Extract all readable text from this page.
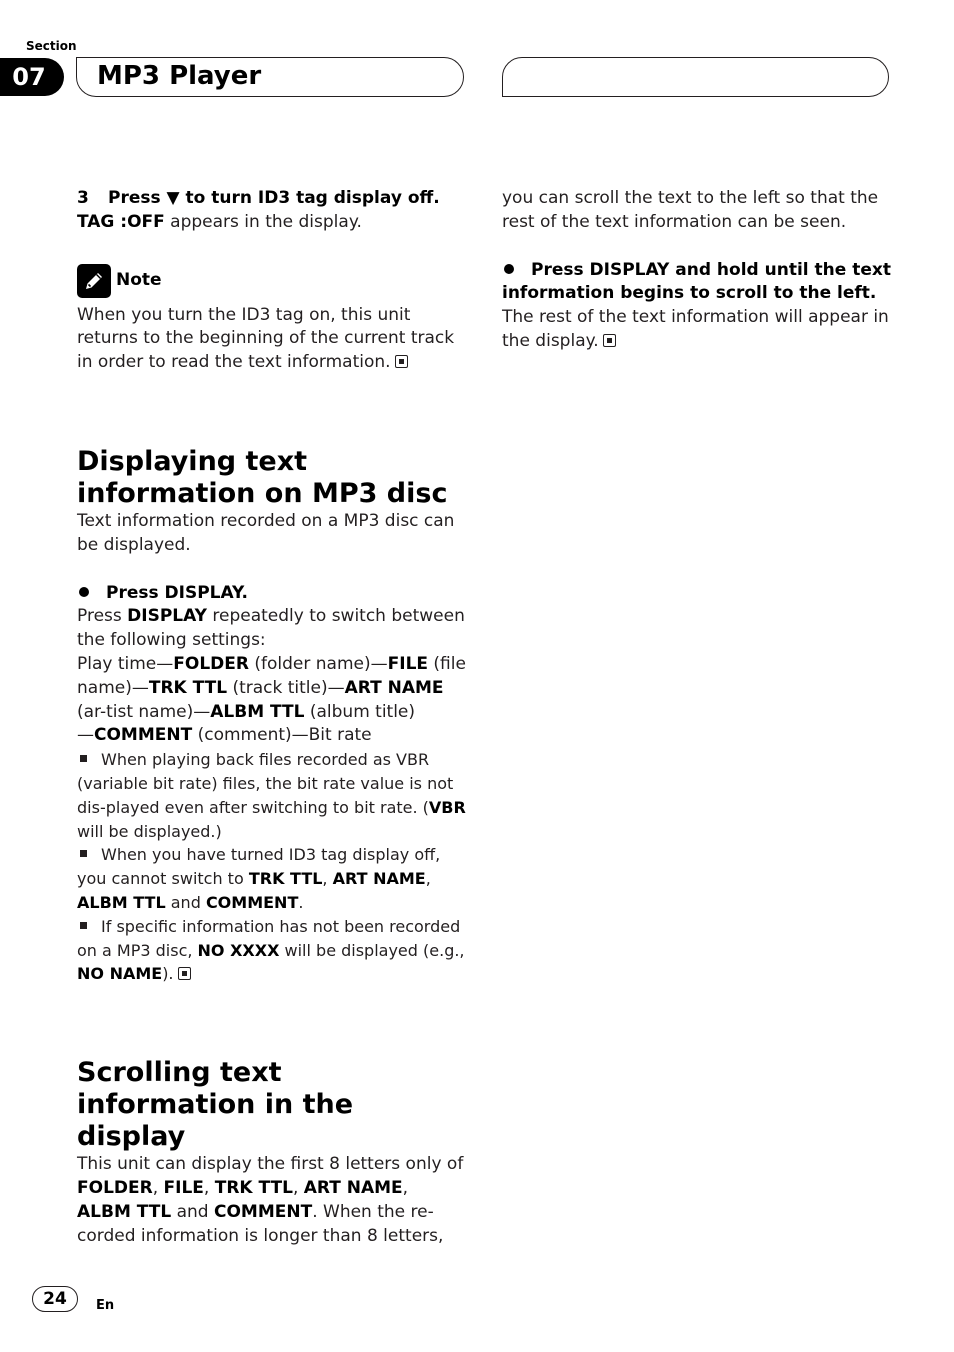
Section
07	MP3 Player

3 Press ▼ to turn ID3 tag display off.

TAG :OFF appears in the display.

Note

When you turn the ID3 tag on, this unit returns to the beginning of the current track in order to read the text information.

Displaying text information on MP3 disc

Text information recorded on a MP3 disc can be displayed.

Press DISPLAY.

Press DISPLAY repeatedly to switch between the following settings:

Play time—FOLDER (folder name)—FILE (file name)—TRK TTL (track title)—ART NAME (ar-tist name)—ALBM TTL (album title)
—COMMENT (comment)—Bit rate

When playing back files recorded as VBR (variable bit rate) files, the bit rate value is not dis-played even after switching to bit rate. (VBR will be displayed.)

When you have turned ID3 tag display off, you cannot switch to TRK TTL, ART NAME,
ALBM TTL and COMMENT.

If specific information has not been recorded on a MP3 disc, NO XXXX will be displayed (e.g., NO NAME).

Scrolling text information in the display

This unit can display the first 8 letters only of
FOLDER, FILE, TRK TTL, ART NAME,
ALBM TTL and COMMENT. When the re-corded information is longer than 8 letters,

you can scroll the text to the left so that the rest of the text information can be seen.

Press DISPLAY and hold until the text information begins to scroll to the left.

The rest of the text information will appear in the display.

24	En
